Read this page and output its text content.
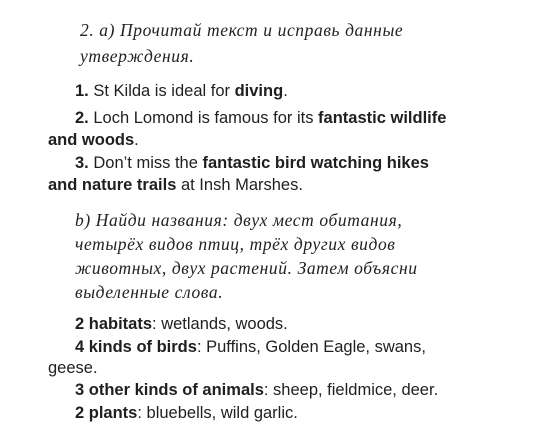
2. а) Прочитай текст и исправь данные
утверждения.
1. St Kilda is ideal for diving.
2. Loch Lomond is famous for its fantastic wildlife
and woods.
3. Don’t miss the fantastic bird watching hikes
and nature trails at Insh Marshes.
b) Найди названия: двух мест обитания,
четырёх видов птиц, трёх других видов
животных, двух растений. Затем объясни
выделенные слова.
2 habitats: wetlands, woods.
4 kinds of birds: Puffins, Golden Eagle, swans,
geese.
3 other kinds of animals: sheep, fieldmice, deer.
2 plants: bluebells, wild garlic.
